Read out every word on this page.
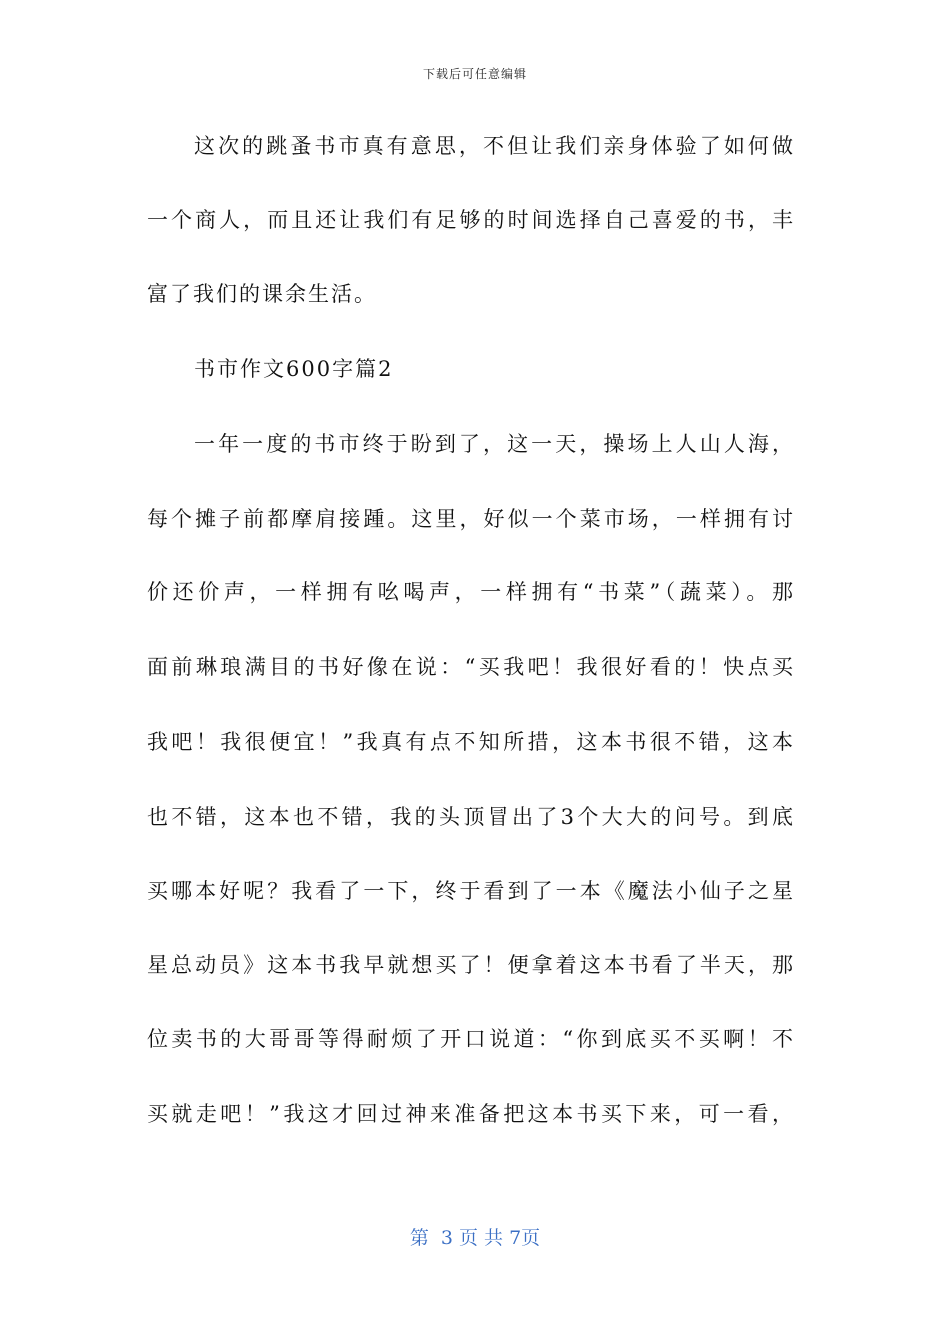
下载后可任意编辑
这次的跳蚤书市真有意思，不但让我们亲身体验了如何做
一个商人，而且还让我们有足够的时间选择自己喜爱的书，丰
富了我们的课余生活。
书市作文600字篇2
一年一度的书市终于盼到了，这一天，操场上人山人海，
每个摊子前都摩肩接踵。这里，好似一个菜市场，一样拥有讨
价还价声，一样拥有吆喝声，一样拥有“书菜”（蔬菜）。那
面前琳琅满目的书好像在说：“买我吧！我很好看的！快点买
我吧！我很便宜！”我真有点不知所措，这本书很不错，这本
也不错，这本也不错，我的头顶冒出了3个大大的问号。到底
买哪本好呢？我看了一下，终于看到了一本《魔法小仙子之星
星总动员》这本书我早就想买了！便拿着这本书看了半天，那
位卖书的大哥哥等得耐烦了开口说道：“你到底买不买啊！不
买就走吧！”我这才回过神来准备把这本书买下来，可一看，
第  3 页 共 7页
